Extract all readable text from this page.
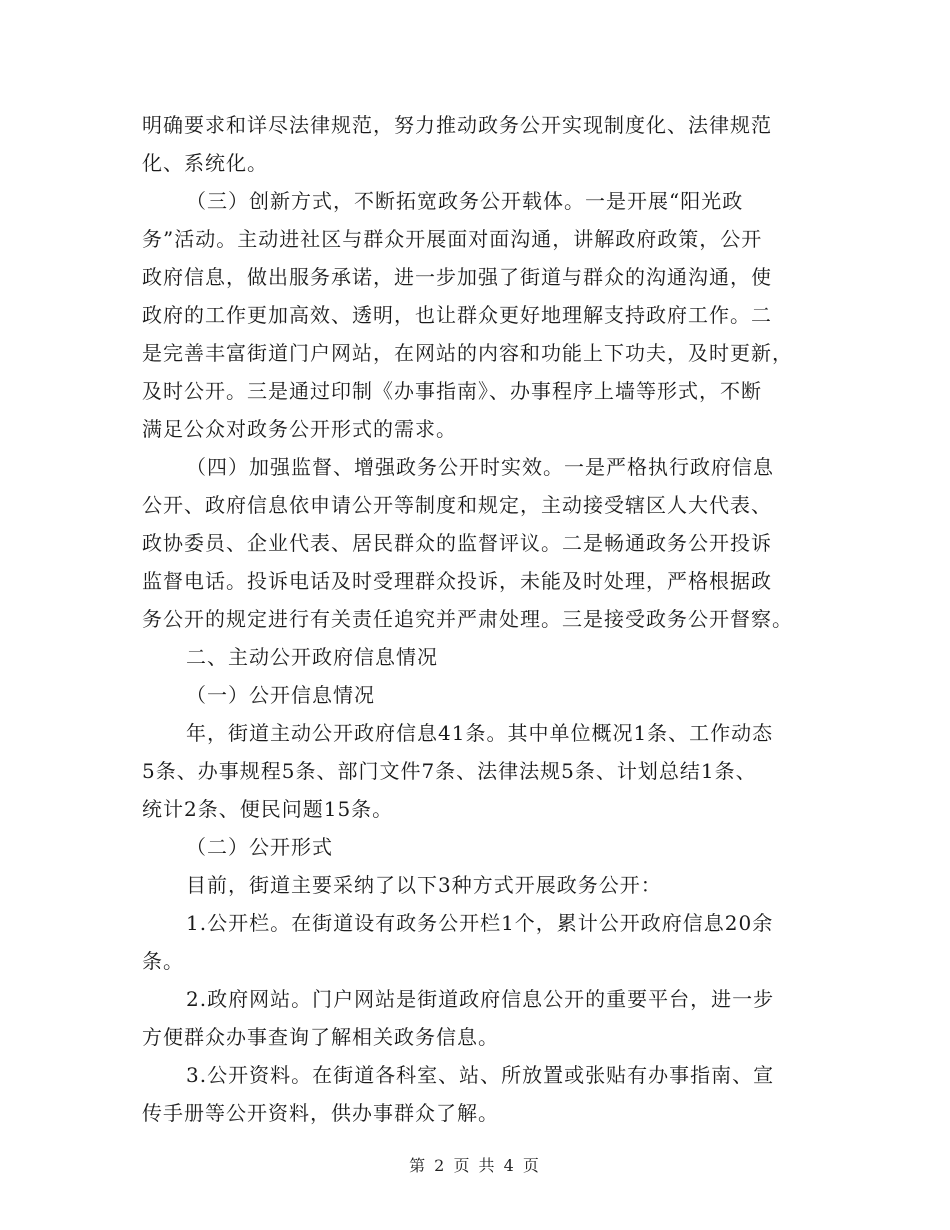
明确要求和详尽法律规范，努力推动政务公开实现制度化、法律规范
化、系统化。
（三）创新方式，不断拓宽政务公开载体。一是开展“阳光政
务”活动。主动进社区与群众开展面对面沟通，讲解政府政策，公开
政府信息，做出服务承诺，进一步加强了街道与群众的沟通沟通，使
政府的工作更加高效、透明，也让群众更好地理解支持政府工作。二
是完善丰富街道门户网站，在网站的内容和功能上下功夫，及时更新，
及时公开。三是通过印制《办事指南》、办事程序上墙等形式，不断
满足公众对政务公开形式的需求。
（四）加强监督、增强政务公开时实效。一是严格执行政府信息
公开、政府信息依申请公开等制度和规定，主动接受辖区人大代表、
政协委员、企业代表、居民群众的监督评议。二是畅通政务公开投诉
监督电话。投诉电话及时受理群众投诉，未能及时处理，严格根据政
务公开的规定进行有关责任追究并严肃处理。三是接受政务公开督察。
二、主动公开政府信息情况
（一）公开信息情况
年，街道主动公开政府信息41条。其中单位概况1条、工作动态
5条、办事规程5条、部门文件7条、法律法规5条、计划总结1条、
统计2条、便民问题15条。
（二）公开形式
目前，街道主要采纳了以下3种方式开展政务公开：
1.公开栏。在街道设有政务公开栏1个，累计公开政府信息20余
条。
2.政府网站。门户网站是街道政府信息公开的重要平台，进一步
方便群众办事查询了解相关政务信息。
3.公开资料。在街道各科室、站、所放置或张贴有办事指南、宣
传手册等公开资料，供办事群众了解。
第 2 页 共 4 页
